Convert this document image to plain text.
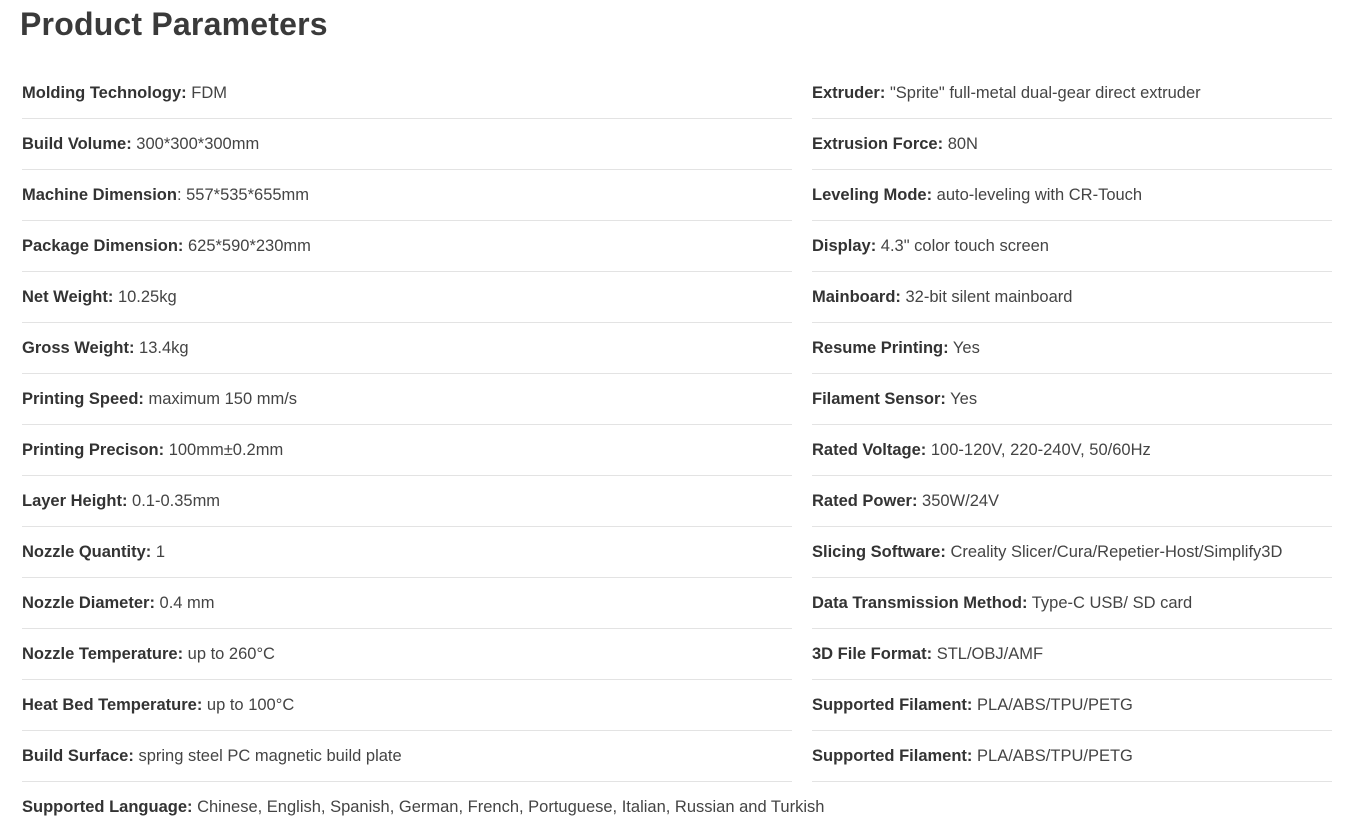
Product Parameters
Molding Technology: FDM	Extruder: "Sprite" full-metal dual-gear direct extruder
Build Volume: 300*300*300mm	Extrusion Force: 80N
Machine Dimension: 557*535*655mm	Leveling Mode: auto-leveling with CR-Touch
Package Dimension: 625*590*230mm	Display: 4.3" color touch screen
Net Weight: 10.25kg	Mainboard: 32-bit silent mainboard
Gross Weight: 13.4kg	Resume Printing: Yes
Printing Speed: maximum 150 mm/s	Filament Sensor: Yes
Printing Precison: 100mm±0.2mm	Rated Voltage: 100-120V, 220-240V, 50/60Hz
Layer Height: 0.1-0.35mm	Rated Power: 350W/24V
Nozzle Quantity: 1	Slicing Software: Creality Slicer/Cura/Repetier-Host/Simplify3D
Nozzle Diameter: 0.4 mm	Data Transmission Method: Type-C USB/ SD card
Nozzle Temperature: up to 260°C	3D File Format: STL/OBJ/AMF
Heat Bed Temperature: up to 100°C	Supported Filament: PLA/ABS/TPU/PETG
Build Surface: spring steel PC magnetic build plate	Supported Filament: PLA/ABS/TPU/PETG
Supported Language: Chinese, English, Spanish, German, French, Portuguese, Italian, Russian and Turkish
